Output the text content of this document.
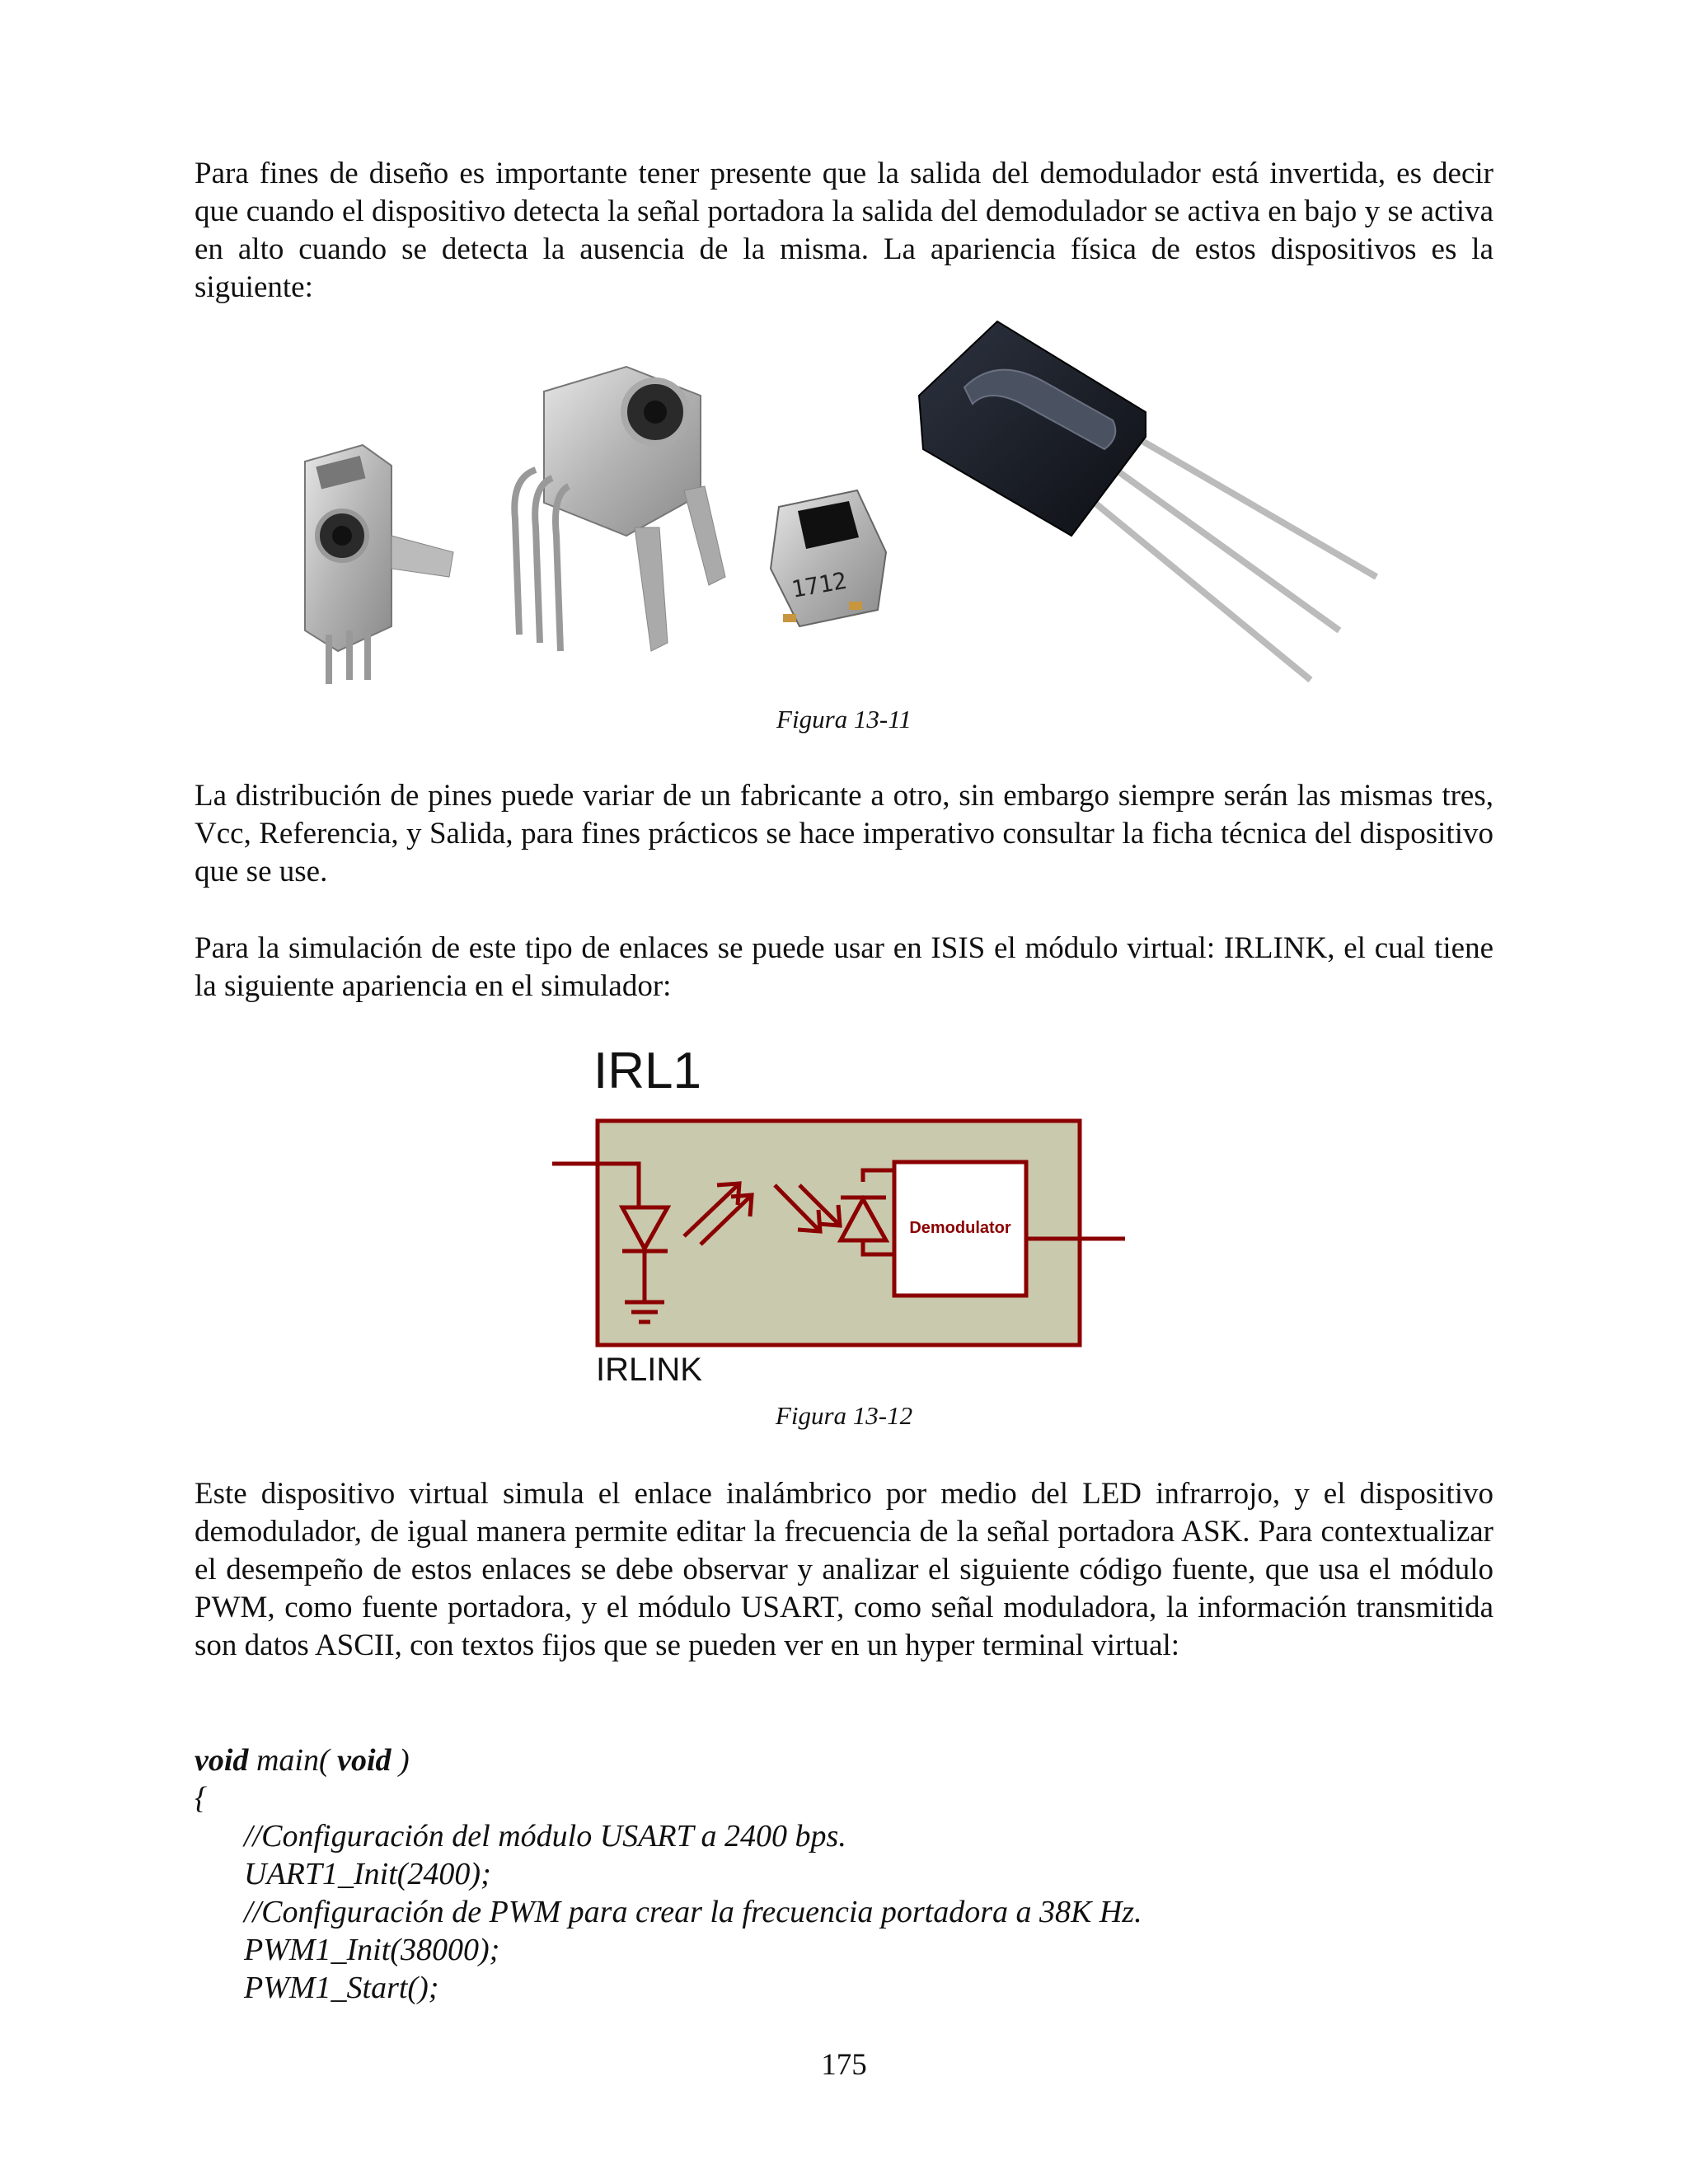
Para fines de diseño es importante tener presente que la salida del demodulador está invertida, es decir que cuando el dispositivo detecta la señal portadora la salida del demodulador se activa en bajo y se activa en alto cuando se detecta la ausencia de la misma. La apariencia física de estos dispositivos es la siguiente:

1712

Figura 13-11

La distribución de pines puede variar de un fabricante a otro, sin embargo siempre serán las mismas tres, Vcc, Referencia, y Salida, para fines prácticos se hace imperativo consultar la ficha técnica del dispositivo que se use.

Para la simulación de este tipo de enlaces se puede usar en ISIS el módulo virtual: IRLINK, el cual tiene la siguiente apariencia en el simulador:

IRL1
Demodulator
IRLINK

Figura 13-12

Este dispositivo virtual simula el enlace inalámbrico por medio del LED infrarrojo, y el dispositivo demodulador, de igual manera permite editar la frecuencia de la señal portadora ASK. Para contextualizar el desempeño de estos enlaces se debe observar y analizar el siguiente código fuente, que usa el módulo PWM, como fuente portadora, y el módulo USART, como señal moduladora, la información transmitida son datos ASCII, con textos fijos que se pueden ver en un hyper terminal virtual:

void main( void )
{
//Configuración del módulo USART a 2400 bps.
UART1_Init(2400);
//Configuración de PWM para crear la frecuencia portadora a 38K Hz.
PWM1_Init(38000);
PWM1_Start();
175
